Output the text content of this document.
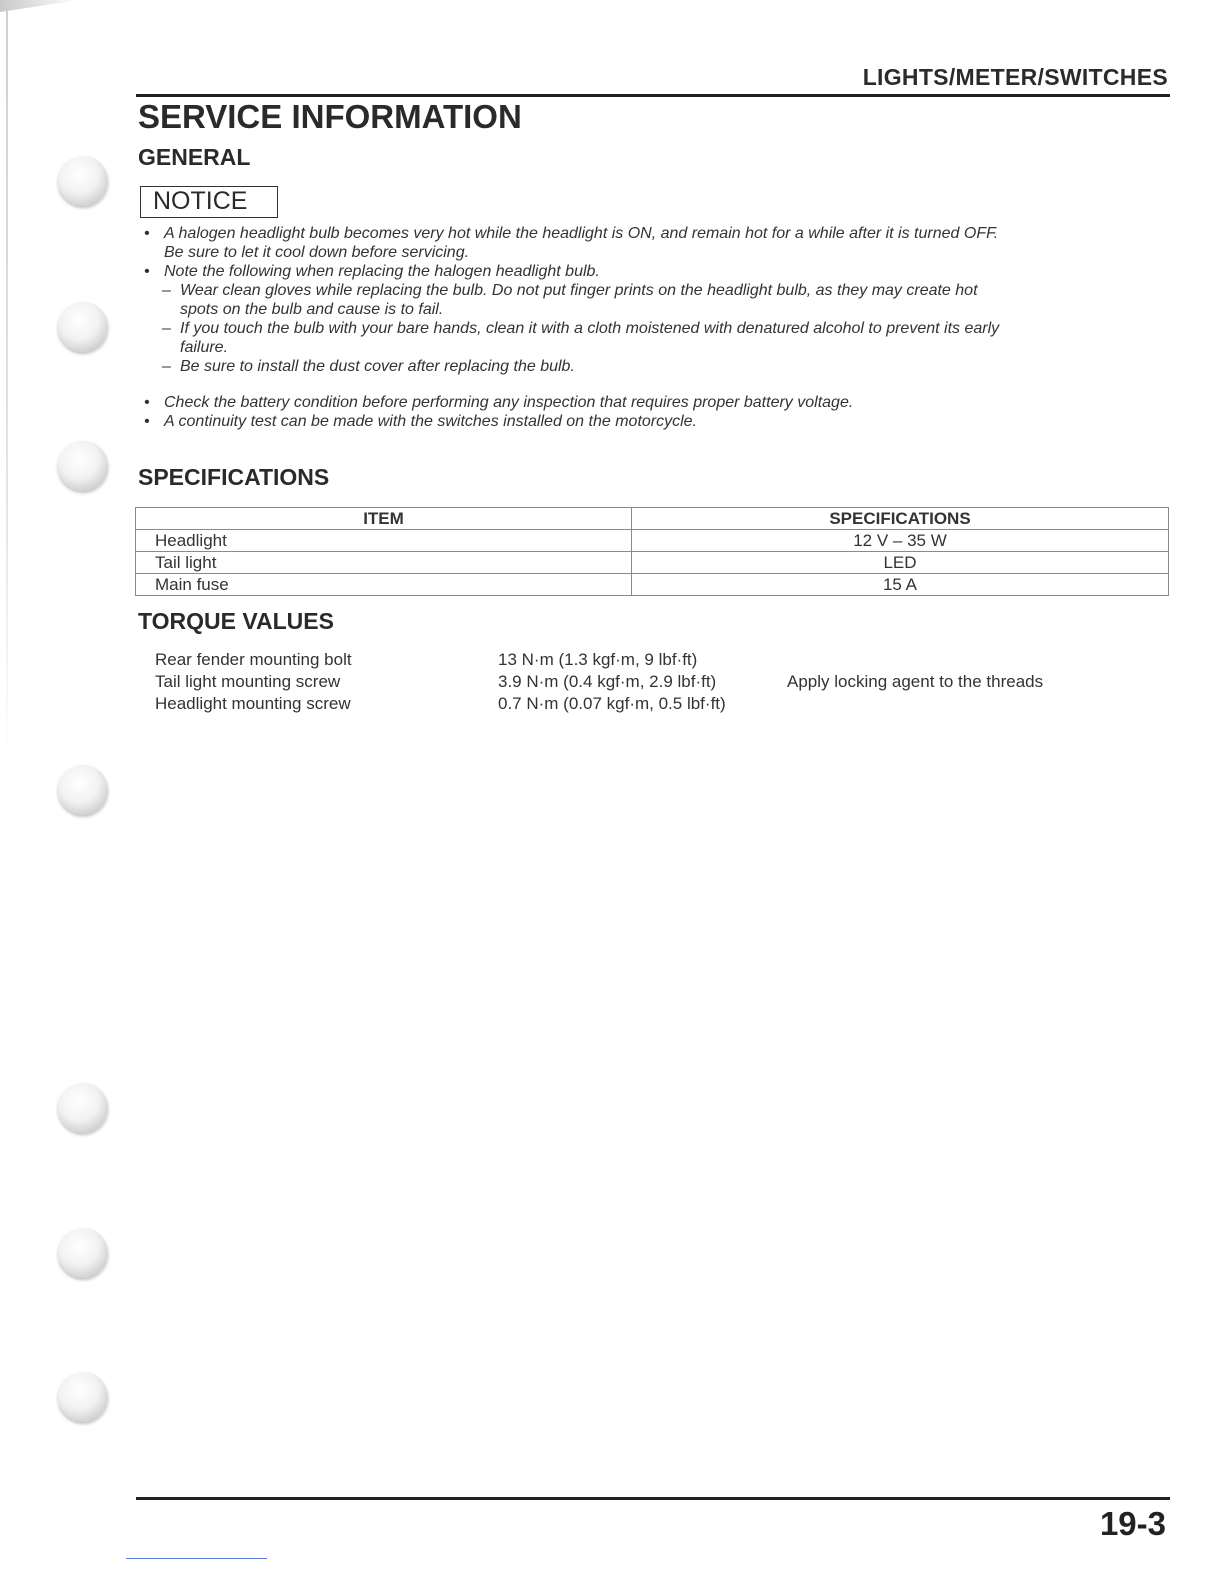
LIGHTS/METER/SWITCHES
SERVICE INFORMATION
GENERAL
NOTICE
• A halogen headlight bulb becomes very hot while the headlight is ON, and remain hot for a while after it is turned OFF.
Be sure to let it cool down before servicing.
• Note the following when replacing the halogen headlight bulb.
– Wear clean gloves while replacing the bulb. Do not put finger prints on the headlight bulb, as they may create hot
spots on the bulb and cause is to fail.
– If you touch the bulb with your bare hands, clean it with a cloth moistened with denatured alcohol to prevent its early
failure.
– Be sure to install the dust cover after replacing the bulb.
• Check the battery condition before performing any inspection that requires proper battery voltage.
• A continuity test can be made with the switches installed on the motorcycle.
SPECIFICATIONS
ITEM	SPECIFICATIONS
Headlight	12 V – 35 W
Tail light	LED
Main fuse	15 A
TORQUE VALUES
Rear fender mounting bolt	13 N·m (1.3 kgf·m, 9 lbf·ft)
Tail light mounting screw	3.9 N·m (0.4 kgf·m, 2.9 lbf·ft)	Apply locking agent to the threads
Headlight mounting screw	0.7 N·m (0.07 kgf·m, 0.5 lbf·ft)
19-3
